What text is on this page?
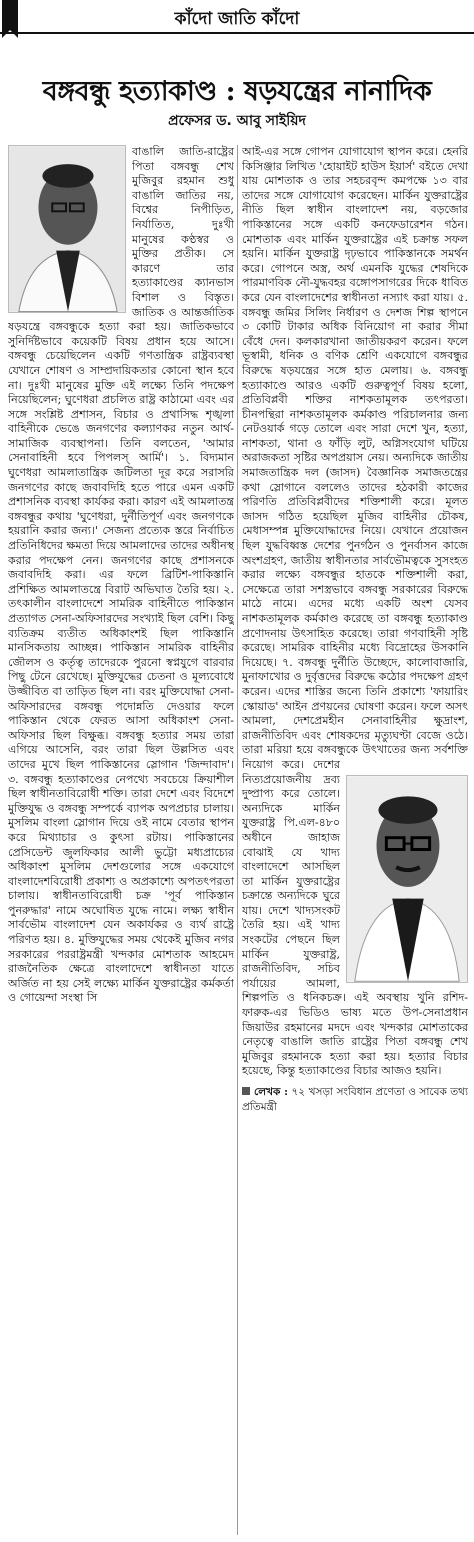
কাঁদো জাতি কাঁদো
বঙ্গবন্ধু হত্যাকাণ্ড : ষড়যন্ত্রের নানাদিক
প্রফেসর ড. আবু সাইয়িদ

বাঙালি জাতি-রাষ্ট্রের পিতা বঙ্গবন্ধু শেখ মুজিবুর রহমান শুধু বাঙালি জাতির নয়, বিশ্বের নিপীড়িত, নির্যাতিত, দুঃখী মানুষের কণ্ঠস্বর ও মুক্তির প্রতীক। সে কারণে তার হত্যাকাণ্ডের ক্যানভাস বিশাল ও বিস্তৃত। জাতিক ও আন্তর্জাতিক ষড়যন্ত্রে বঙ্গবন্ধুকে হত্যা করা হয়। জাতিকভাবে সুনির্দিষ্টভাবে কয়েকটি বিষয় প্রধান হয়ে আসে। বঙ্গবন্ধু চেয়েছিলেন একটি গণতান্ত্রিক রাষ্ট্রব্যবস্থা যেখানে শোষণ ও সাম্প্রদায়িকতার কোনো স্থান হবে না। দুঃখী মানুষের মুক্তি এই লক্ষ্যে তিনি পদক্ষেপ নিয়েছিলেন; ঘুণেধরা প্রচলিত রাষ্ট্র কাঠামো এবং এর সঙ্গে সংশ্লিষ্ট প্রশাসন, বিচার ও প্রথাসিদ্ধ শৃঙ্খলা বাহিনীকে ভেঙে জনগণের কল্যাণকর নতুন আর্থ-সামাজিক ব্যবস্থাপনা। তিনি বলতেন, 'আমার সেনাবাহিনী হবে পিপলস্ আর্মি'। ১. বিদ্যমান ঘুণেধরা আমলাতান্ত্রিক জটিলতা দূর করে সরাসরি জনগণের কাছে জবাবদিহি হতে পারে এমন একটি প্রশাসনিক ব্যবস্থা কার্যকর করা। কারণ এই আমলাতন্ত্র বঙ্গবন্ধুর কথায় 'ঘুণেধরা, দুর্নীতিপূর্ণ এবং জনগণকে হয়রানি করার জন্য।' সেজন্য প্রত্যেক স্তরে নির্বাচিত প্রতিনিধিদের ক্ষমতা দিয়ে আমলাদের তাদের অধীনস্থ করার পদক্ষেপ নেন। জনগণের কাছে প্রশাসনকে জবাবদিহি করা। এর ফলে ব্রিটিশ-পাকিস্তানি প্রশিক্ষিত আমলাতন্ত্রে বিরাট অভিঘাত তৈরি হয়। ২. তৎকালীন বাংলাদেশে সামরিক বাহিনীতে পাকিস্তান প্রত্যাগত সেনা-অফিসারদের সংখ্যাই ছিল বেশি। কিছু ব্যতিক্রম ব্যতীত অধিকাংশই ছিল পাকিস্তানি মানসিকতায় আচ্ছন্ন। পাকিস্তান সামরিক বাহিনীর জৌলস ও কর্তৃত্ব তাদেরকে পুরনো স্বপ্নযুগে বারবার পিছু টেনে রেখেছে। মুক্তিযুদ্ধের চেতনা ও মূল্যবোধে উজ্জীবিত বা তাড়িত ছিল না। বরং মুক্তিযোদ্ধা সেনা-অফিসারদের বঙ্গবন্ধু পদোন্নতি দেওয়ার ফলে পাকিস্তান থেকে ফেরত আসা অধিকাংশ সেনা-অফিসার ছিল বিক্ষুব্ধ। বঙ্গবন্ধু হত্যার সময় তারা এগিয়ে আসেনি, বরং তারা ছিল উল্লসিত এবং তাদের মুখে ছিল পাকিস্তানের স্লোগান 'জিন্দাবাদ'। ৩. বঙ্গবন্ধু হত্যাকাণ্ডের নেপথ্যে সবচেয়ে ক্রিয়াশীল ছিল স্বাধীনতাবিরোধী শক্তি। তারা দেশে এবং বিদেশে মুক্তিযুদ্ধ ও বঙ্গবন্ধু সম্পর্কে ব্যাপক অপপ্রচার চালায়। মুসলিম বাংলা স্লোগান দিয়ে ওই নামে বেতার স্থাপন করে মিথ্যাচার ও কুৎসা রটায়। পাকিস্তানের প্রেসিডেন্ট জুলফিকার আলী ভুট্টো মধ্যপ্রাচ্যের অধিকাংশ মুসলিম দেশগুলোর সঙ্গে একযোগে বাংলাদেশবিরোধী প্রকাশ্য ও অপ্রকাশ্যে অপতৎপরতা চালায়। স্বাধীনতাবিরোধী চক্র 'পূর্ব পাকিস্তান পুনরুদ্ধার' নামে অঘোষিত যুদ্ধে নামে। লক্ষ্য স্বাধীন সার্বভৌম বাংলাদেশ যেন অকার্যকর ও ব্যর্থ রাষ্ট্রে পরিণত হয়। ৪. মুক্তিযুদ্ধের সময় থেকেই মুজিব নগর সরকারের পররাষ্ট্রমন্ত্রী খন্দকার মোশতাক আহমেদ রাজনৈতিক ক্ষেত্রে বাংলাদেশে স্বাধীনতা যাতে অর্জিত না হয় সেই লক্ষ্যে মার্কিন যুক্তরাষ্ট্রের কর্মকর্তা ও গোয়েন্দা সংস্থা সি

আই-এর সঙ্গে গোপন যোগাযোগ স্থাপন করে। হেনরি কিসিঞ্জার লিখিত 'হোয়াইট হাউস ইয়ার্স' বইতে দেখা যায় মোশতাক ও তার সহচরবৃন্দ কমপক্ষে ১৩ বার তাদের সঙ্গে যোগাযোগ করেছেন। মার্কিন যুক্তরাষ্ট্রের নীতি ছিল স্বাধীন বাংলাদেশ নয়, বড়জোর পাকিস্তানের সঙ্গে একটি কনফেডারেশন গঠন। মোশতাক এবং মার্কিন যুক্তরাষ্ট্রের এই চক্রান্ত সফল হয়নি। মার্কিন যুক্তরাষ্ট্র দৃঢ়ভাবে পাকিস্তানকে সমর্থন করে। গোপনে অস্ত্র, অর্থ এমনকি যুদ্ধের শেষদিকে পারমাণবিক নৌ-যুদ্ধবহর বঙ্গোপসাগরের দিকে ধাবিত করে যেন বাংলাদেশের স্বাধীনতা নস্যাৎ করা যায়। ৫. বঙ্গবন্ধু জমির সিলিং নির্ধারণ ও দেশজ শিল্প স্থাপনে ৩ কোটি টাকার অধিক বিনিয়োগ না করার সীমা বেঁধে দেন। কলকারখানা জাতীয়করণ করেন। ফলে ভূস্বামী, ধনিক ও বণিক শ্রেণি একযোগে বঙ্গবন্ধুর বিরুদ্ধে ষড়যন্ত্রের সঙ্গে হাত মেলায়। ৬. বঙ্গবন্ধু হত্যাকাণ্ডে আরও একটি গুরুত্বপূর্ণ বিষয় হলো, প্রতিবিপ্লবী শক্তির নাশকতামূলক তৎপরতা। চীনপন্থিরা নাশকতামূলক কর্মকাণ্ড পরিচালনার জন্য নেটওয়ার্ক গড়ে তোলে এবং সারা দেশে খুন, হত্যা, নাশকতা, থানা ও ফাঁড়ি লুট, অগ্নিসংযোগ ঘটিয়ে অরাজকতা সৃষ্টির অপপ্রয়াস নেয়। অন্যদিকে জাতীয় সমাজতান্ত্রিক দল (জাসদ) বৈজ্ঞানিক সমাজতন্ত্রের কথা স্লোগানে বললেও তাদের হঠকারী কাজের পরিণতি প্রতিবিপ্লবীদের শক্তিশালী করে। মূলত জাসদ গঠিত হয়েছিল মুজিব বাহিনীর চৌকষ, মেধাসম্পন্ন মুক্তিযোদ্ধাদের নিয়ে। যেখানে প্রয়োজন ছিল যুদ্ধবিধ্বস্ত দেশের পুনর্গঠন ও পুনর্বাসন কাজে অংশগ্রহণ, জাতীয় স্বাধীনতার সার্বভৌমত্বকে সুসংহত করার লক্ষ্যে বঙ্গবন্ধুর হাতকে শক্তিশালী করা, সেক্ষেত্রে তারা সশস্ত্রভাবে বঙ্গবন্ধু সরকারের বিরুদ্ধে মাঠে নামে। এদের মধ্যে একটি অংশ যেসব নাশকতামূলক কর্মকাণ্ড করেছে তা বঙ্গবন্ধু হত্যাকাণ্ড প্রণোদনায় উৎসাহিত করেছে। তারা গণবাহিনী সৃষ্টি করেছে। সামরিক বাহিনীর মধ্যে বিদ্রোহের উসকানি দিয়েছে। ৭. বঙ্গবন্ধু দুর্নীতি উচ্ছেদে, কালোবাজারি, মুনাফাখোর ও দুর্বৃত্তদের বিরুদ্ধে কঠোর পদক্ষেপ গ্রহণ করেন। এদের শাস্তির জন্যে তিনি প্রকাশ্যে 'ফায়ারিং স্কোয়াড' আইন প্রণয়নের ঘোষণা করেন। ফলে অসৎ আমলা, দেশপ্রেমহীন সেনাবাহিনীর ক্ষুদ্রাংশ, রাজনীতিবিদ এবং শোষকদের মৃত্যুঘণ্টা বেজে ওঠে। তারা মরিয়া হয়ে বঙ্গবন্ধুকে উৎখাতের জন্য সর্বশক্তি নিয়োগ করে। দেশের নিত্যপ্রয়োজনীয় দ্রব্য দুষ্প্রাপ্য করে তোলে। অন্যদিকে মার্কিন যুক্তরাষ্ট্র পি.এল-৪৮০ অধীনে জাহাজ বোঝাই যে খাদ্য বাংলাদেশে আসছিল তা মার্কিন যুক্তরাষ্ট্রের চক্রান্তে অন্যদিকে ঘুরে যায়। দেশে খাদ্যসংকট তৈরি হয়। এই খাদ্য সংকটের পেছনে ছিল মার্কিন যুক্তরাষ্ট্র, রাজনীতিবিদ, সচিব পর্যায়ের আমলা, শিল্পপতি ও ধনিকচক্র। এই অবস্থায় খুনি রশিদ-ফারুক-এর ভিডিও ভাষ্য মতে উপ-সেনাপ্রধান জিয়াউর রহমানের মদদে এবং খন্দকার মোশতাকের নেতৃত্বে বাঙালি জাতি রাষ্ট্রের পিতা বঙ্গবন্ধু শেখ মুজিবুর রহমানকে হত্যা করা হয়। হত্যার বিচার হয়েছে, কিন্তু হত্যাকাণ্ডের বিচার আজও হয়নি।

লেখক : ৭২ খসড়া সংবিধান প্রণেতা ও সাবেক তথ্য প্রতিমন্ত্রী
